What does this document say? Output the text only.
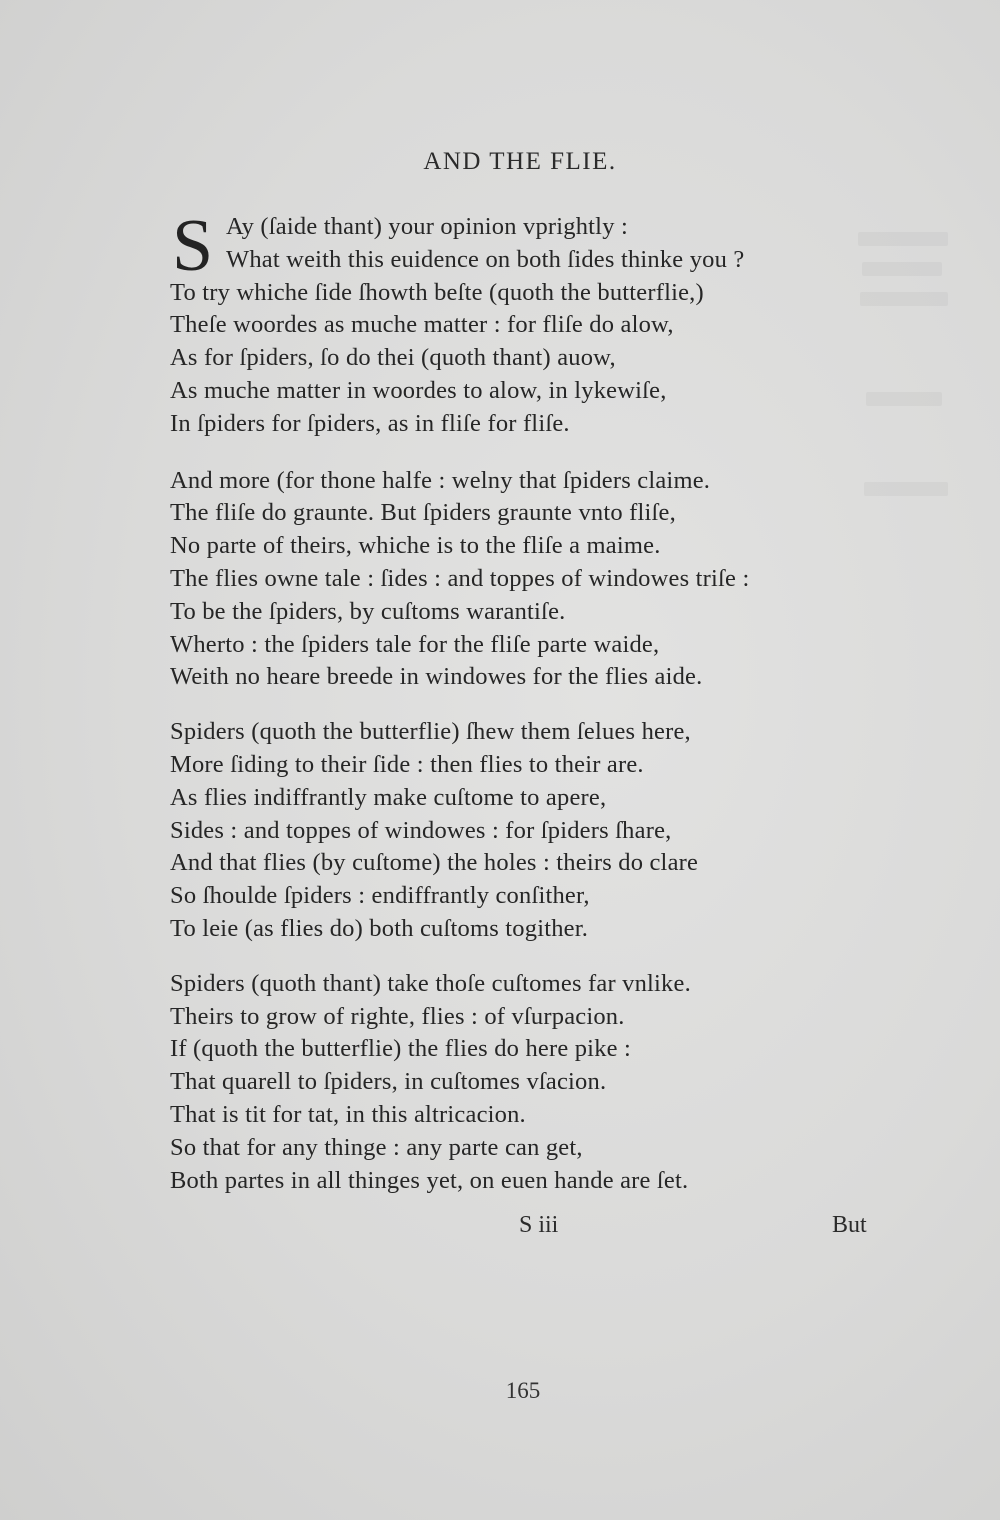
AND THE FLIE.
S Ay (ſaide thant) your opinion vprightly :
What weith this euidence on both ſides thinke you ?
To try whiche ſide ſhowth beſte (quoth the butterflie,)
Theſe woordes as muche matter : for fliſe do alow,
As for ſpiders, ſo do thei (quoth thant) auow,
As muche matter in woordes to alow, in lykewiſe,
In ſpiders for ſpiders, as in fliſe for fliſe.
And more (for thone halfe : welny that ſpiders claime.
The fliſe do graunte. But ſpiders graunte vnto fliſe,
No parte of theirs, whiche is to the fliſe a maime.
The flies owne tale : ſides : and toppes of windowes triſe :
To be the ſpiders, by cuſtoms warantiſe.
Wherto : the ſpiders tale for the fliſe parte waide,
Weith no heare breede in windowes for the flies aide.
Spiders (quoth the butterflie) ſhew them ſelues here,
More ſiding to their ſide : then flies to their are.
As flies indiffrantly make cuſtome to apere,
Sides : and toppes of windowes : for ſpiders ſhare,
And that flies (by cuſtome) the holes : theirs do clare
So ſhoulde ſpiders : endiffrantly conſither,
To leie (as flies do) both cuſtoms togither.
Spiders (quoth thant) take thoſe cuſtomes far vnlike.
Theirs to grow of righte, flies : of vſurpacion.
If (quoth the butterflie) the flies do here pike :
That quarell to ſpiders, in cuſtomes vſacion.
That is tit for tat, in this altricacion.
So that for any thinge : any parte can get,
Both partes in all thinges yet, on euen hande are ſet.
S iii	But
165
